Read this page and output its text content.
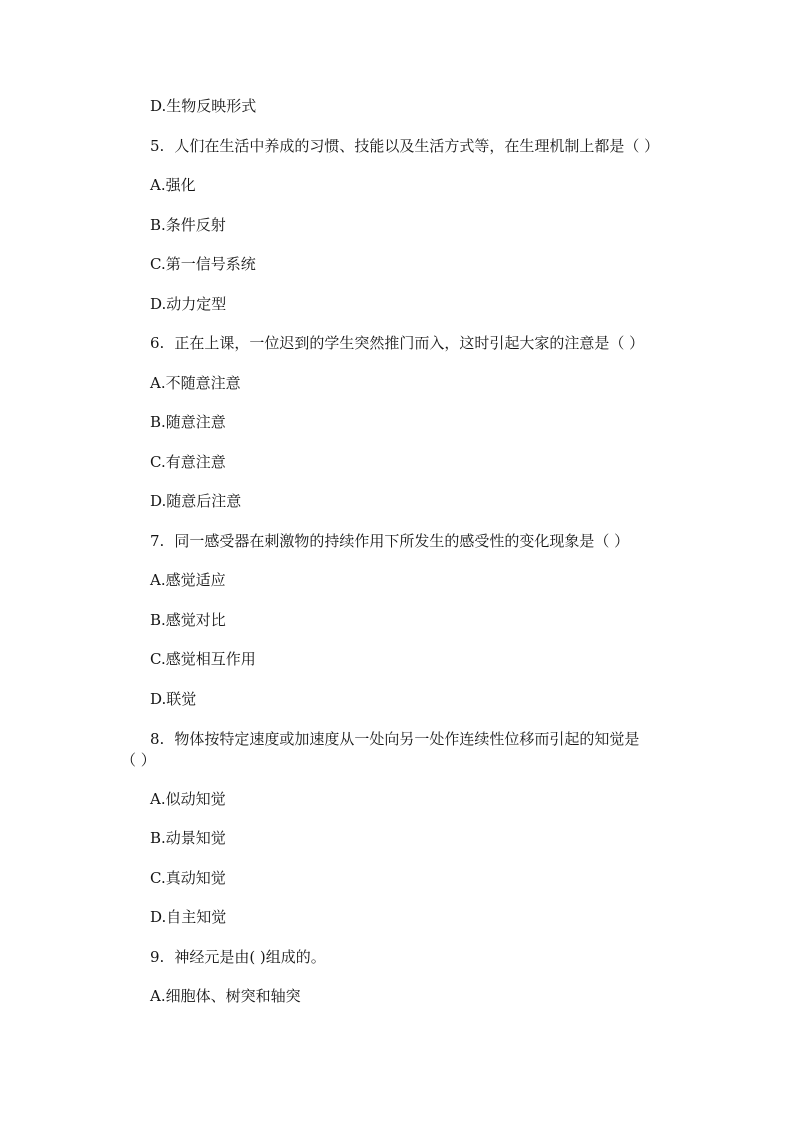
D.生物反映形式
5. 人们在生活中养成的习惯、技能以及生活方式等，在生理机制上都是（ ）
A.强化
B.条件反射
C.第一信号系统
D.动力定型
6. 正在上课，一位迟到的学生突然推门而入，这时引起大家的注意是（ ）
A.不随意注意
B.随意注意
C.有意注意
D.随意后注意
7. 同一感受器在刺激物的持续作用下所发生的感受性的变化现象是（ ）
A.感觉适应
B.感觉对比
C.感觉相互作用
D.联觉
8. 物体按特定速度或加速度从一处向另一处作连续性位移而引起的知觉是
（ ）
A.似动知觉
B.动景知觉
C.真动知觉
D.自主知觉
9. 神经元是由( )组成的。
A.细胞体、树突和轴突
